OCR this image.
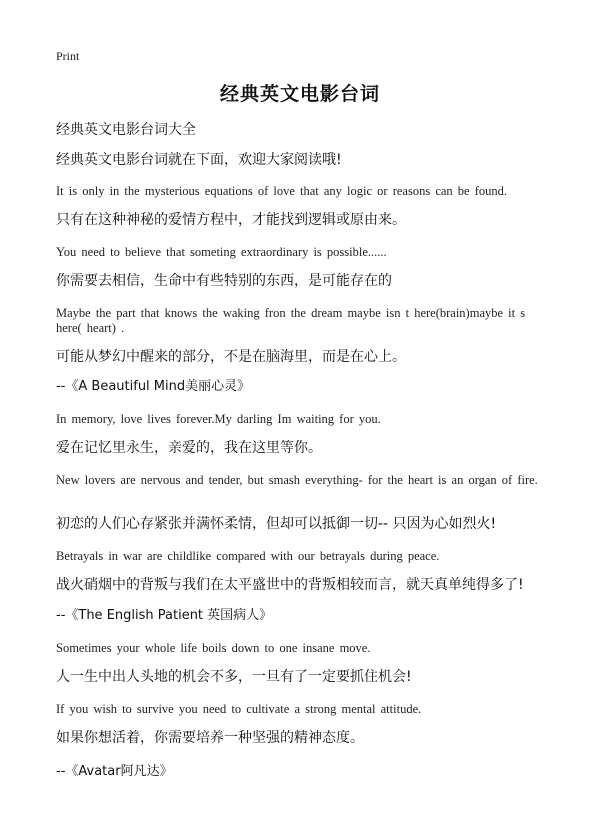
Print
经典英文电影台词
经典英文电影台词大全
经典英文电影台词就在下面，欢迎大家阅读哦!
It is only in the mysterious equations of love that any logic or reasons can be found.
只有在这种神秘的爱情方程中，才能找到逻辑或原由来。
You need to believe that someting extraordinary is possible......
你需要去相信，生命中有些特别的东西，是可能存在的
Maybe the part that knows the waking fron the dream maybe isn t here(brain)maybe it s here( heart) .
可能从梦幻中醒来的部分，不是在脑海里，而是在心上。
--《A Beautiful Mind美丽心灵》
In memory, love lives forever.My darling Im waiting for you.
爱在记忆里永生，亲爱的，我在这里等你。
New lovers are nervous and tender, but smash everything- for the heart is an organ of fire.
初恋的人们心存紧张并满怀柔情，但却可以抵御一切-- 只因为心如烈火!
Betrayals in war are childlike compared with our betrayals during peace.
战火硝烟中的背叛与我们在太平盛世中的背叛相较而言，就天真单纯得多了!
--《The English Patient 英国病人》
Sometimes your whole life boils down to one insane move.
人一生中出人头地的机会不多，一旦有了一定要抓住机会!
If you wish to survive you need to cultivate a strong mental attitude.
如果你想活着，你需要培养一种坚强的精神态度。
--《Avatar阿凡达》
